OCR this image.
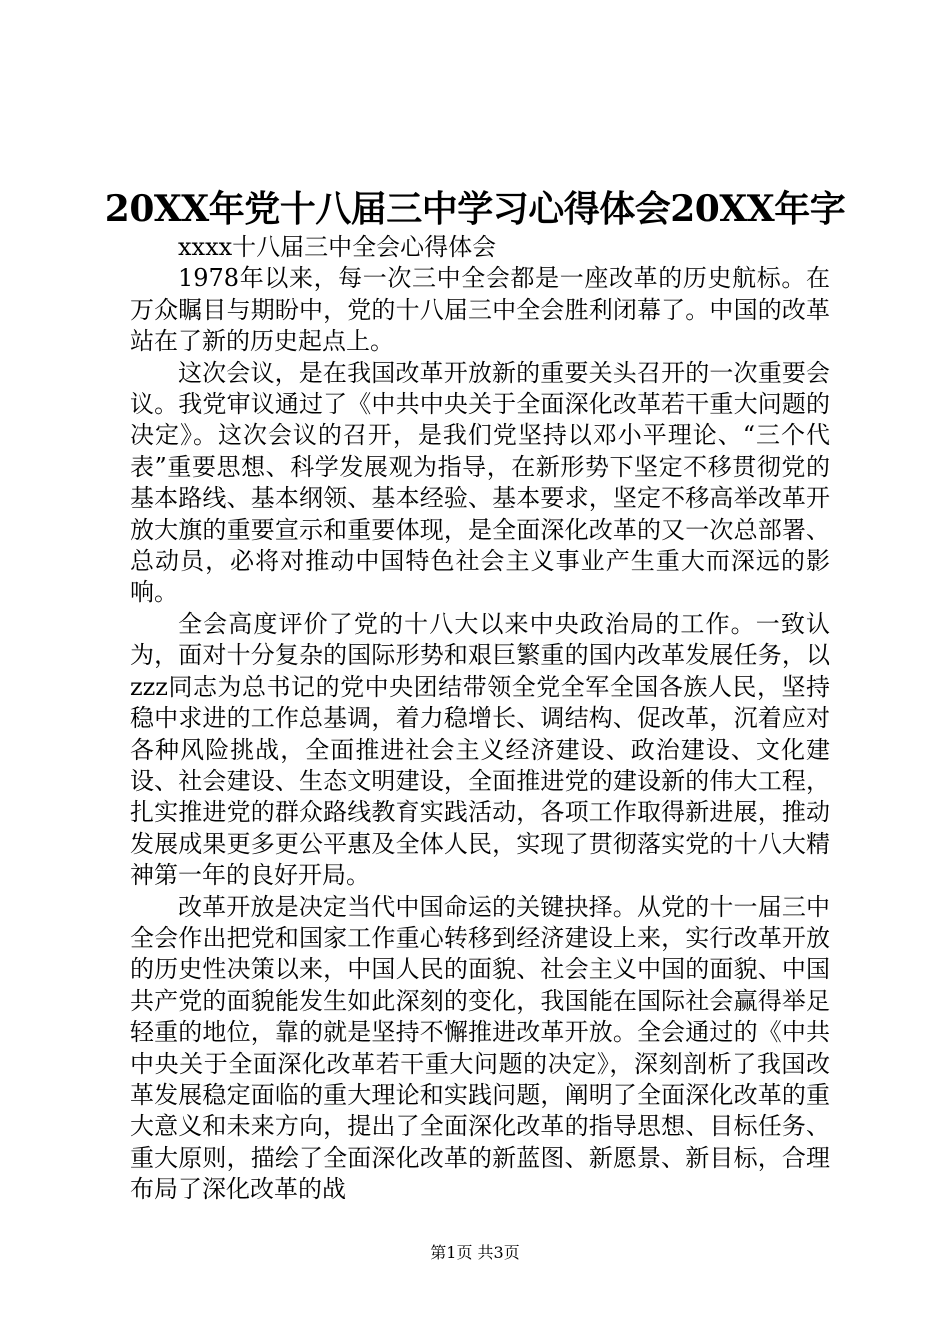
20XX年党十八届三中学习心得体会20XX年字

xxxx十八届三中全会心得体会

1978年以来，每一次三中全会都是一座改革的历史航标。在万众瞩目与期盼中，党的十八届三中全会胜利闭幕了。中国的改革站在了新的历史起点上。

这次会议，是在我国改革开放新的重要关头召开的一次重要会议。我党审议通过了《中共中央关于全面深化改革若干重大问题的决定》。这次会议的召开，是我们党坚持以邓小平理论、“三个代表”重要思想、科学发展观为指导，在新形势下坚定不移贯彻党的基本路线、基本纲领、基本经验、基本要求，坚定不移高举改革开放大旗的重要宣示和重要体现，是全面深化改革的又一次总部署、总动员，必将对推动中国特色社会主义事业产生重大而深远的影响。

全会高度评价了党的十八大以来中央政治局的工作。一致认为，面对十分复杂的国际形势和艰巨繁重的国内改革发展任务，以zzz同志为总书记的党中央团结带领全党全军全国各族人民，坚持稳中求进的工作总基调，着力稳增长、调结构、促改革，沉着应对各种风险挑战，全面推进社会主义经济建设、政治建设、文化建设、社会建设、生态文明建设，全面推进党的建设新的伟大工程，扎实推进党的群众路线教育实践活动，各项工作取得新进展，推动发展成果更多更公平惠及全体人民，实现了贯彻落实党的十八大精神第一年的良好开局。

改革开放是决定当代中国命运的关键抉择。从党的十一届三中全会作出把党和国家工作重心转移到经济建设上来，实行改革开放的历史性决策以来，中国人民的面貌、社会主义中国的面貌、中国共产党的面貌能发生如此深刻的变化，我国能在国际社会赢得举足轻重的地位，靠的就是坚持不懈推进改革开放。全会通过的《中共中央关于全面深化改革若干重大问题的决定》，深刻剖析了我国改革发展稳定面临的重大理论和实践问题，阐明了全面深化改革的重大意义和未来方向，提出了全面深化改革的指导思想、目标任务、重大原则，描绘了全面深化改革的新蓝图、新愿景、新目标，合理布局了深化改革的战

第1页 共3页
